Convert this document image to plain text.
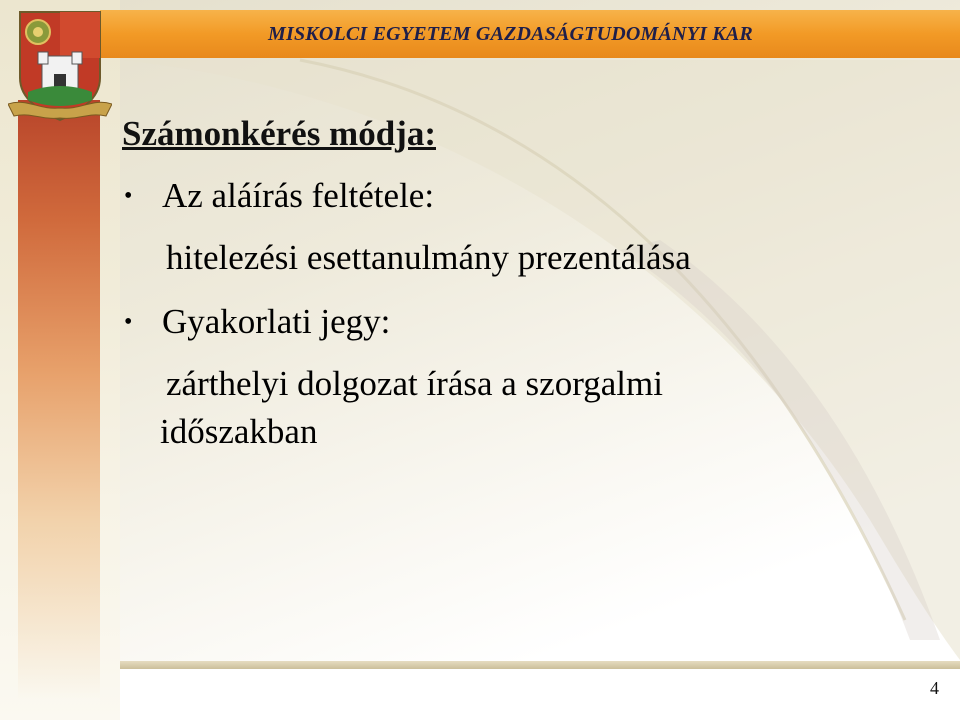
MISKOLCI EGYETEM GAZDASÁGTUDOMÁNYI KAR
Számonkérés módja:
• Az aláírás feltétele:
hitelezési esettanulmány prezentálása
• Gyakorlati jegy:
zárthelyi dolgozat írása a szorgalmi
időszakban
4
